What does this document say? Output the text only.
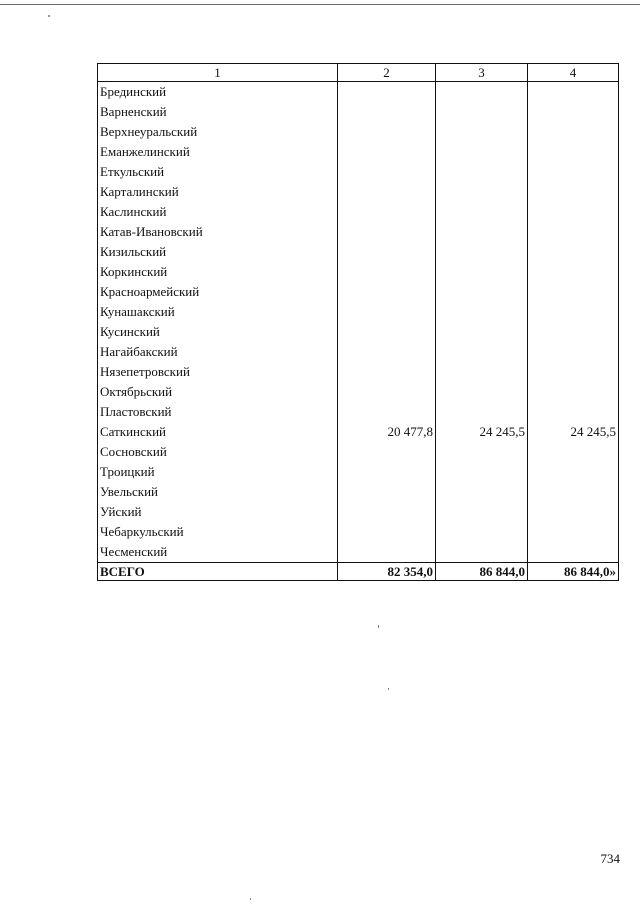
1	2	3	4
Брединский			
Варненский			
Верхнеуральский			
Еманжелинский			
Еткульский			
Карталинский			
Каслинский			
Катав-Ивановский			
Кизильский			
Коркинский			
Красноармейский			
Кунашакский			
Кусинский			
Нагайбакский			
Нязепетровский			
Октябрьский			
Пластовский			
Саткинский	20 477,8	24 245,5	24 245,5
Сосновский			
Троицкий			
Увельский			
Уйский			
Чебаркульский			
Чесменский			
ВСЕГО	82 354,0	86 844,0	86 844,0»
734
